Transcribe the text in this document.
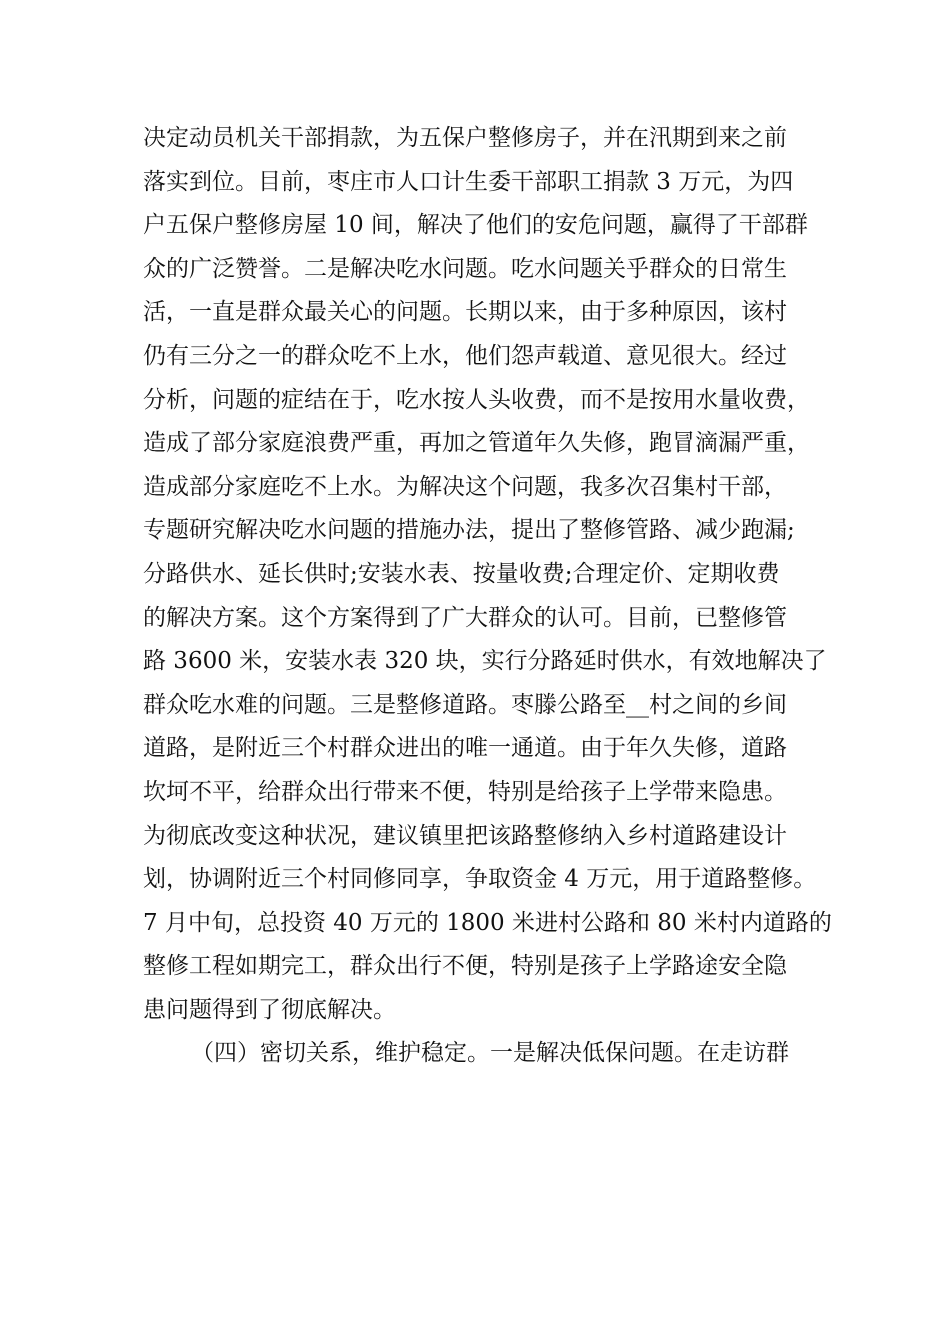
决定动员机关干部捐款，为五保户整修房子，并在汛期到来之前
落实到位。目前，枣庄市人口计生委干部职工捐款 3 万元，为四
户五保户整修房屋 10 间，解决了他们的安危问题，赢得了干部群
众的广泛赞誉。二是解决吃水问题。吃水问题关乎群众的日常生
活，一直是群众最关心的问题。长期以来，由于多种原因，该村
仍有三分之一的群众吃不上水，他们怨声载道、意见很大。经过
分析，问题的症结在于，吃水按人头收费，而不是按用水量收费，
造成了部分家庭浪费严重，再加之管道年久失修，跑冒滴漏严重，
造成部分家庭吃不上水。为解决这个问题，我多次召集村干部，
专题研究解决吃水问题的措施办法，提出了整修管路、减少跑漏;
分路供水、延长供时;安装水表、按量收费;合理定价、定期收费
的解决方案。这个方案得到了广大群众的认可。目前，已整修管
路 3600 米，安装水表 320 块，实行分路延时供水，有效地解决了
群众吃水难的问题。三是整修道路。枣滕公路至__村之间的乡间
道路，是附近三个村群众进出的唯一通道。由于年久失修，道路
坎坷不平，给群众出行带来不便，特别是给孩子上学带来隐患。
为彻底改变这种状况，建议镇里把该路整修纳入乡村道路建设计
划，协调附近三个村同修同享，争取资金 4 万元，用于道路整修。
7 月中旬，总投资 40 万元的 1800 米进村公路和 80 米村内道路的
整修工程如期完工，群众出行不便，特别是孩子上学路途安全隐
患问题得到了彻底解决。
（四）密切关系，维护稳定。一是解决低保问题。在走访群
